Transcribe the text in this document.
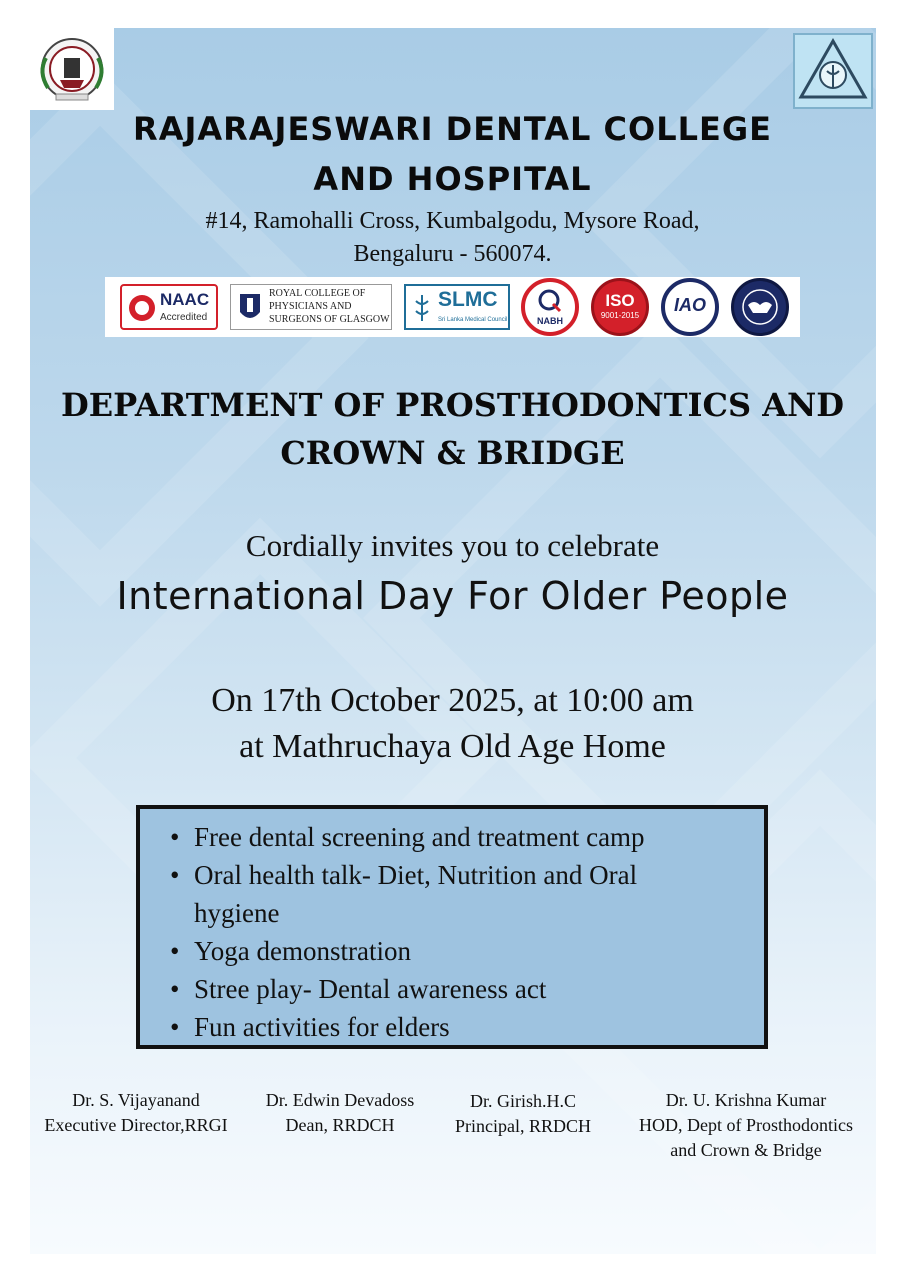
RAJARAJESWARI DENTAL COLLEGE
AND HOSPITAL
#14, Ramohalli Cross, Kumbalgodu, Mysore Road,
Bengaluru - 560074.
NAAC
Accredited
ROYAL COLLEGE OF
PHYSICIANS AND
SURGEONS OF GLASGOW
SLMC
Sri Lanka Medical Council	NABH
ISO
9001-2015
IAO
DEPARTMENT OF PROSTHODONTICS AND
CROWN & BRIDGE
Cordially invites you to celebrate
International Day For Older People
On 17th October 2025, at 10:00 am
at Mathruchaya Old Age Home
• Free dental screening and treatment camp
• Oral health talk- Diet, Nutrition and Oral hygiene
• Yoga demonstration
• Stree play- Dental awareness act
• Fun activities for elders
Dr. S. Vijayanand
Executive Director,RRGI
Dr. Edwin Devadoss
Dean, RRDCH
Dr. Girish.H.C
Principal, RRDCH
Dr. U. Krishna Kumar
HOD, Dept of Prosthodontics
and Crown & Bridge
